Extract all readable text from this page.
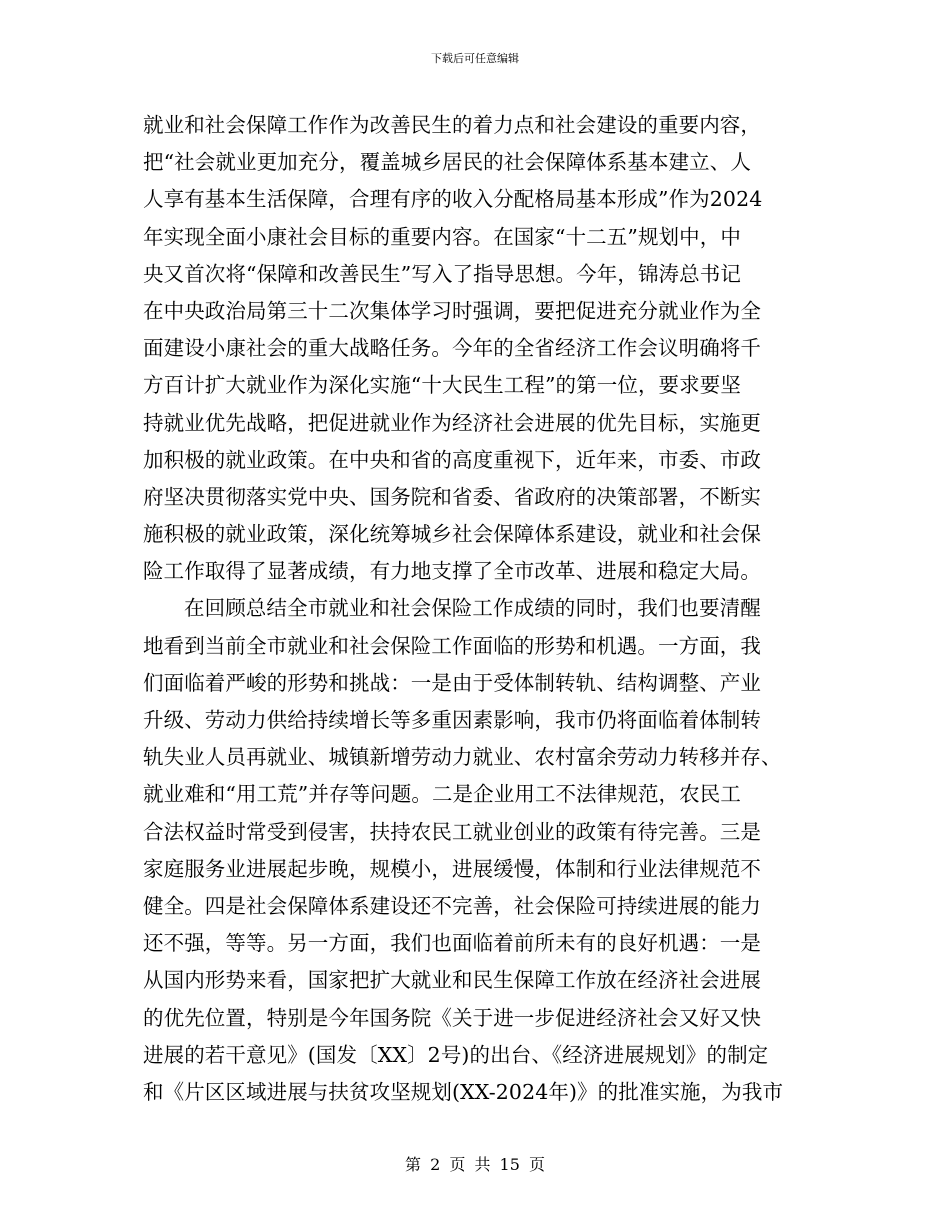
下载后可任意编辑
就业和社会保障工作作为改善民生的着力点和社会建设的重要内容，
把“社会就业更加充分，覆盖城乡居民的社会保障体系基本建立、人
人享有基本生活保障，合理有序的收入分配格局基本形成”作为2024
年实现全面小康社会目标的重要内容。在国家“十二五”规划中，中
央又首次将“保障和改善民生”写入了指导思想。今年，锦涛总书记
在中央政治局第三十二次集体学习时强调，要把促进充分就业作为全
面建设小康社会的重大战略任务。今年的全省经济工作会议明确将千
方百计扩大就业作为深化实施“十大民生工程”的第一位，要求要坚
持就业优先战略，把促进就业作为经济社会进展的优先目标，实施更
加积极的就业政策。在中央和省的高度重视下，近年来，市委、市政
府坚决贯彻落实党中央、国务院和省委、省政府的决策部署，不断实
施积极的就业政策，深化统筹城乡社会保障体系建设，就业和社会保
险工作取得了显著成绩，有力地支撑了全市改革、进展和稳定大局。
在回顾总结全市就业和社会保险工作成绩的同时，我们也要清醒
地看到当前全市就业和社会保险工作面临的形势和机遇。一方面，我
们面临着严峻的形势和挑战：一是由于受体制转轨、结构调整、产业
升级、劳动力供给持续增长等多重因素影响，我市仍将面临着体制转
轨失业人员再就业、城镇新增劳动力就业、农村富余劳动力转移并存、
就业难和“用工荒”并存等问题。二是企业用工不法律规范，农民工
合法权益时常受到侵害，扶持农民工就业创业的政策有待完善。三是
家庭服务业进展起步晚，规模小，进展缓慢，体制和行业法律规范不
健全。四是社会保障体系建设还不完善，社会保险可持续进展的能力
还不强，等等。另一方面，我们也面临着前所未有的良好机遇：一是
从国内形势来看，国家把扩大就业和民生保障工作放在经济社会进展
的优先位置，特别是今年国务院《关于进一步促进经济社会又好又快
进展的若干意见》(国发〔XX〕2号)的出台、《经济进展规划》的制定
和《片区区域进展与扶贫攻坚规划(XX-2024年)》的批准实施，为我市
第 2 页 共 15 页
